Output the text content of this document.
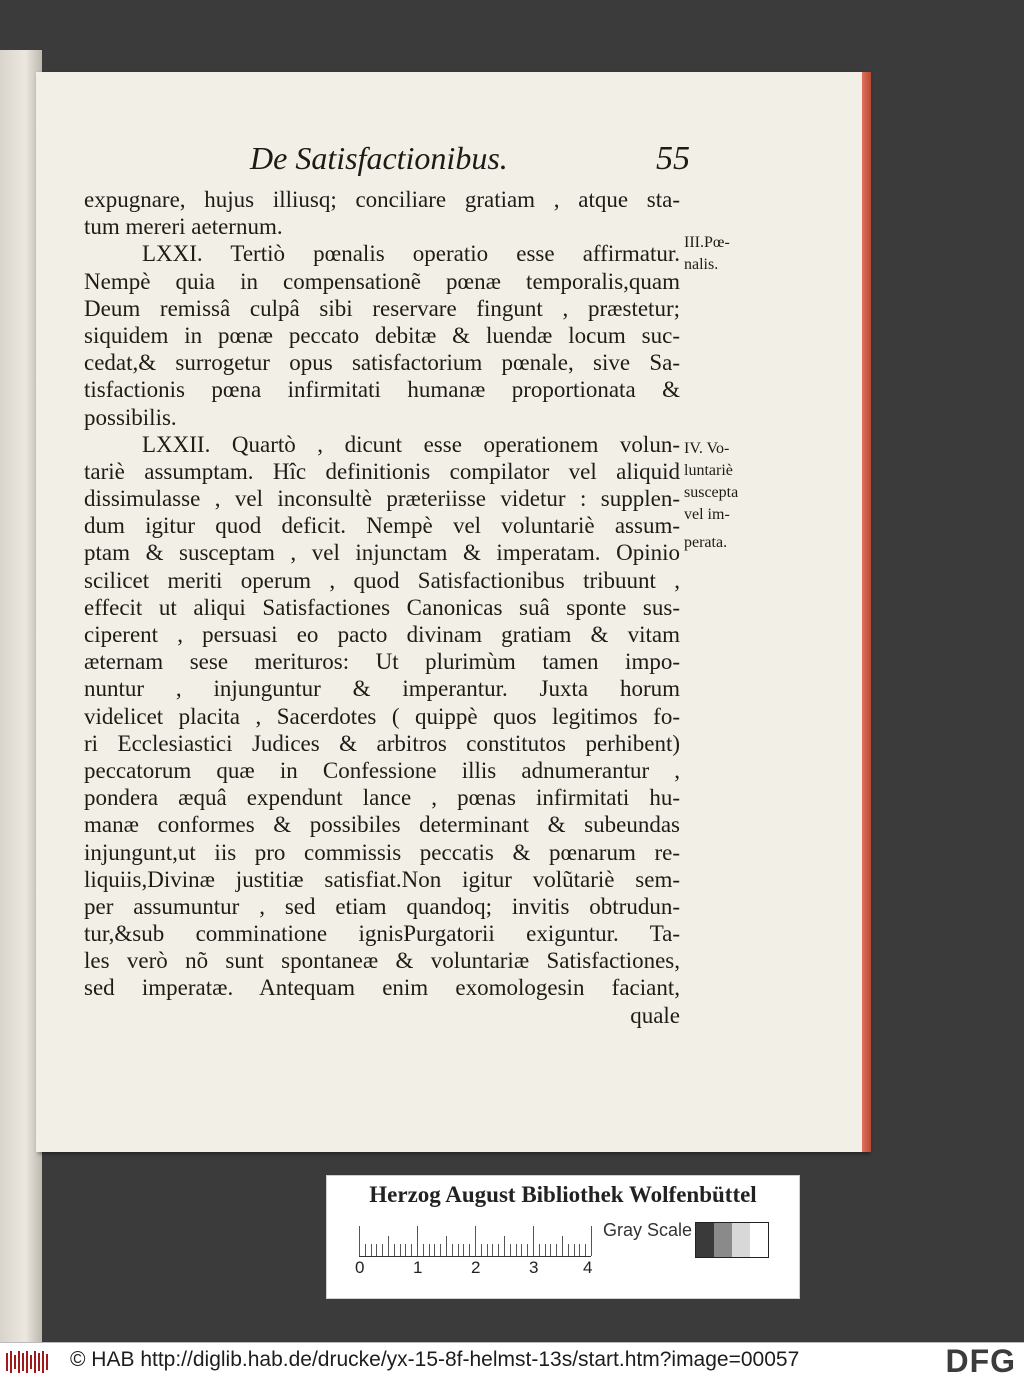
De Satisfactionibus.	55
expugnare, hujus illiusq; conciliare gratiam , atque sta-
tum mereri aeternum.
LXXI. Tertiò pœnalis operatio esse affirmatur.
Nempè quia in compensationẽ pœnæ temporalis,quam
Deum remissâ culpâ sibi reservare fingunt , præstetur;
siquidem in pœnæ peccato debitæ & luendæ locum suc-
cedat,& surrogetur opus satisfactorium pœnale, sive Sa-
tisfactionis pœna infirmitati humanæ proportionata &
possibilis.
LXXII. Quartò , dicunt esse operationem volun-
tariè assumptam. Hîc definitionis compilator vel aliquid
dissimulasse , vel inconsultè præteriisse videtur : supplen-
dum igitur quod deficit. Nempè vel voluntariè assum-
ptam & susceptam , vel injunctam & imperatam. Opinio
scilicet meriti operum , quod Satisfactionibus tribuunt ,
effecit ut aliqui Satisfactiones Canonicas suâ sponte sus-
ciperent , persuasi eo pacto divinam gratiam & vitam
æternam sese merituros: Ut plurimùm tamen impo-
nuntur , injunguntur & imperantur. Juxta horum
videlicet placita , Sacerdotes ( quippè quos legitimos fo-
ri Ecclesiastici Judices & arbitros constitutos perhibent)
peccatorum quæ in Confessione illis adnumerantur ,
pondera æquâ expendunt lance , pœnas infirmitati hu-
manæ conformes & possibiles determinant & subeundas
injungunt,ut iis pro commissis peccatis & pœnarum re-
liquiis,Divinæ justitiæ satisfiat.Non igitur volũtariè sem-
per assumuntur , sed etiam quandoq; invitis obtrudun-
tur,&sub comminatione ignisPurgatorii exiguntur. Ta-
les verò nõ sunt spontaneæ & voluntariæ Satisfactiones,
sed imperatæ. Antequam enim exomologesin faciant,
quale
III.Pœ-
nalis.
IV. Vo-
luntariè
suscepta
vel im-
perata.
Herzog August Bibliothek Wolfenbüttel
0	1	2	3	4
Gray Scale
© HAB http://diglib.hab.de/drucke/yx-15-8f-helmst-13s/start.htm?image=00057	DFG
